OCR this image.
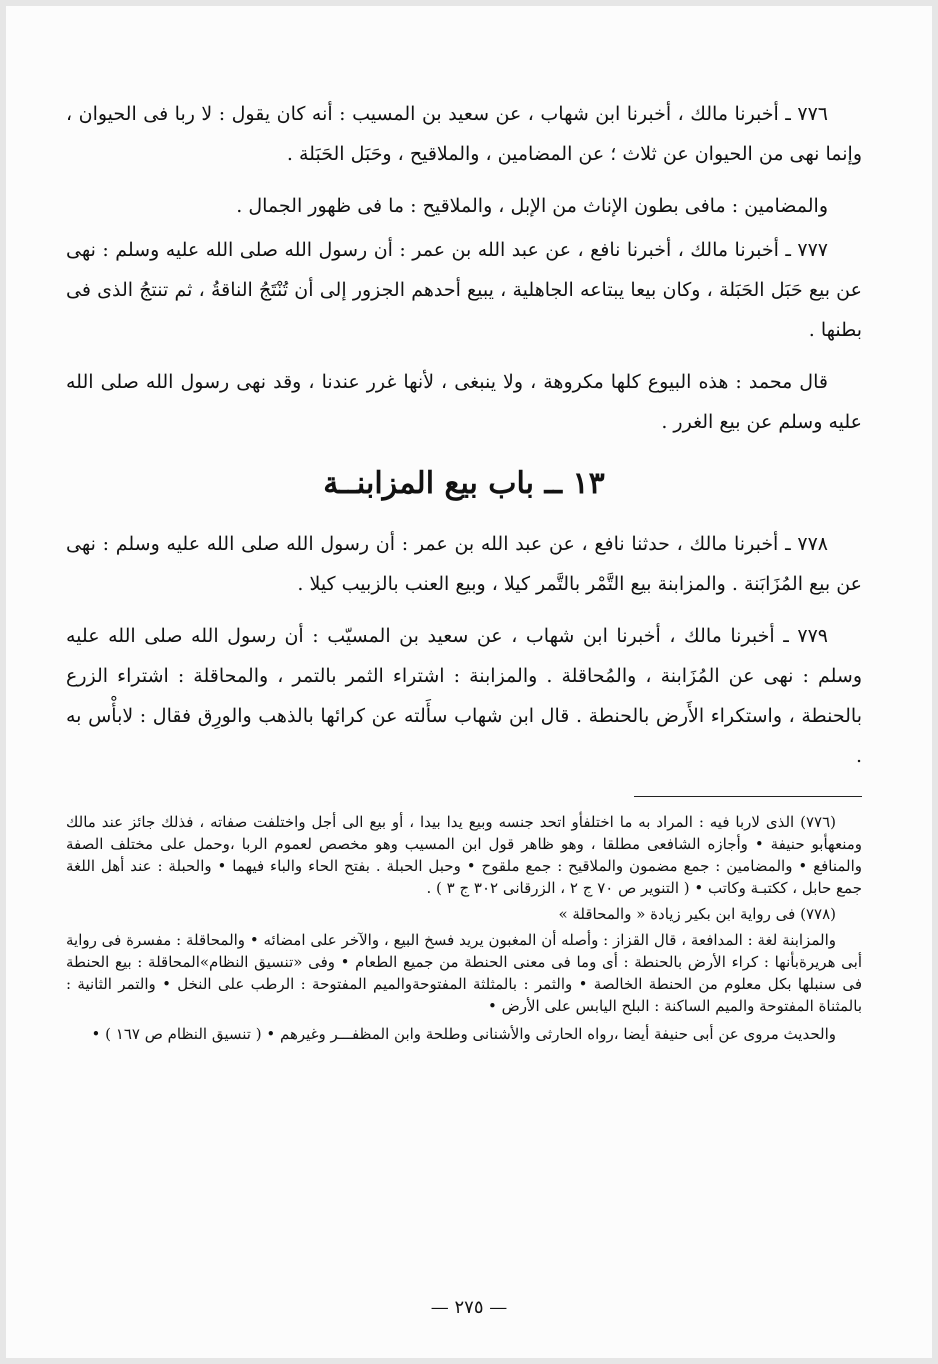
٧٧٦ ـ أخبرنا مالك ، أخبرنا ابن شهاب ، عن سعيد بن المسيب : أنه كان يقول : لا ربا فى الحيوان ، وإنما نهى من الحيوان عن ثلاث ؛ عن المضامين ، والملاقيح ، وحَبَل الحَبَلة .

والمضامين : مافى بطون الإناث من الإبل ، والملاقيح : ما فى ظهور الجمال .

٧٧٧ ـ أخبرنا مالك ، أخبرنا نافع ، عن عبد الله بن عمر : أن رسول الله صلى الله عليه وسلم : نهى عن بيع حَبَل الحَبَلة ، وكان بيعا يبتاعه الجاهلية ، يبيع أحدهم الجزور إلى أن تُنْتَجُ الناقةُ ، ثم تنتجُ الذى فى بطنها .

قال محمد : هذه البيوع كلها مكروهة ، ولا ينبغى ، لأنها غرر عندنا ، وقد نهى رسول الله صلى الله عليه وسلم عن بيع الغرر .

١٣ ــ باب بيع المزابنــة

٧٧٨ ـ أخبرنا مالك ، حدثنا نافع ، عن عبد الله بن عمر : أن رسول الله صلى الله عليه وسلم : نهى عن بيع المُزَابَنة . والمزابنة بيع التَّمْر بالتَّمر كيلا ، وبيع العنب بالزبيب كيلا .

٧٧٩ ـ أخبرنا مالك ، أخبرنا ابن شهاب ، عن سعيد بن المسيّب : أن رسول الله صلى الله عليه وسلم : نهى عن المُزَابنة ، والمُحاقلة . والمزابنة : اشتراء الثمر بالتمر ، والمحاقلة : اشتراء الزرع بالحنطة ، واستكراء الأَرض بالحنطة . قال ابن شهاب سأَلته عن كرائها بالذهب والورِق فقال : لابأْس به .

(٧٧٦) الذى لاربا فيه : المراد به ما اختلفأو اتحد جنسه وبيع يدا بيدا ، أو بيع الى أجل واختلفت صفاته ، فذلك جائز عند مالك ومنعهأبو حنيفة • وأجازه الشافعى مطلقا ، وهو ظاهر قول ابن المسيب وهو مخصص لعموم الربا ،وحمل على مختلف الصفة والمنافع • والمضامين : جمع مضمون والملاقيح : جمع ملقوح • وحبل الحبلة . بفتح الحاء والباء فيهما • والحبلة : عند أهل اللغة جمع حابل ، ككتبـة وكاتب • ( التنوير ص ٧٠ ج ٢ ، الزرقانى ٣٠٢ ج ٣ ) .

(٧٧٨) فى رواية ابن بكير زيادة « والمحاقلة »

والمزابنة لغة : المدافعة ، قال القزاز : وأصله أن المغبون يريد فسخ البيع ، والآخر على امضائه • والمحاقلة : مفسرة فى رواية أبى هريرةبأنها : كراء الأرض بالحنطة : أى وما فى معنى الحنطة من جميع الطعام • وفى «تنسيق النظام»المحاقلة : بيع الحنطة فى سنبلها بكل معلوم من الحنطة الخالصة • والثمر : بالمثلثة المفتوحةوالميم المفتوحة : الرطب على النخل • والتمر الثانية : بالمثناة المفتوحة والميم الساكنة : البلح اليابس على الأرض •

والحديث مروى عن أبى حنيفة أيضا ،رواه الحارثى والأشنانى وطلحة وابن المظفـــر وغيرهم • ( تنسيق النظام ص ١٦٧ ) •

— ٢٧٥ —
